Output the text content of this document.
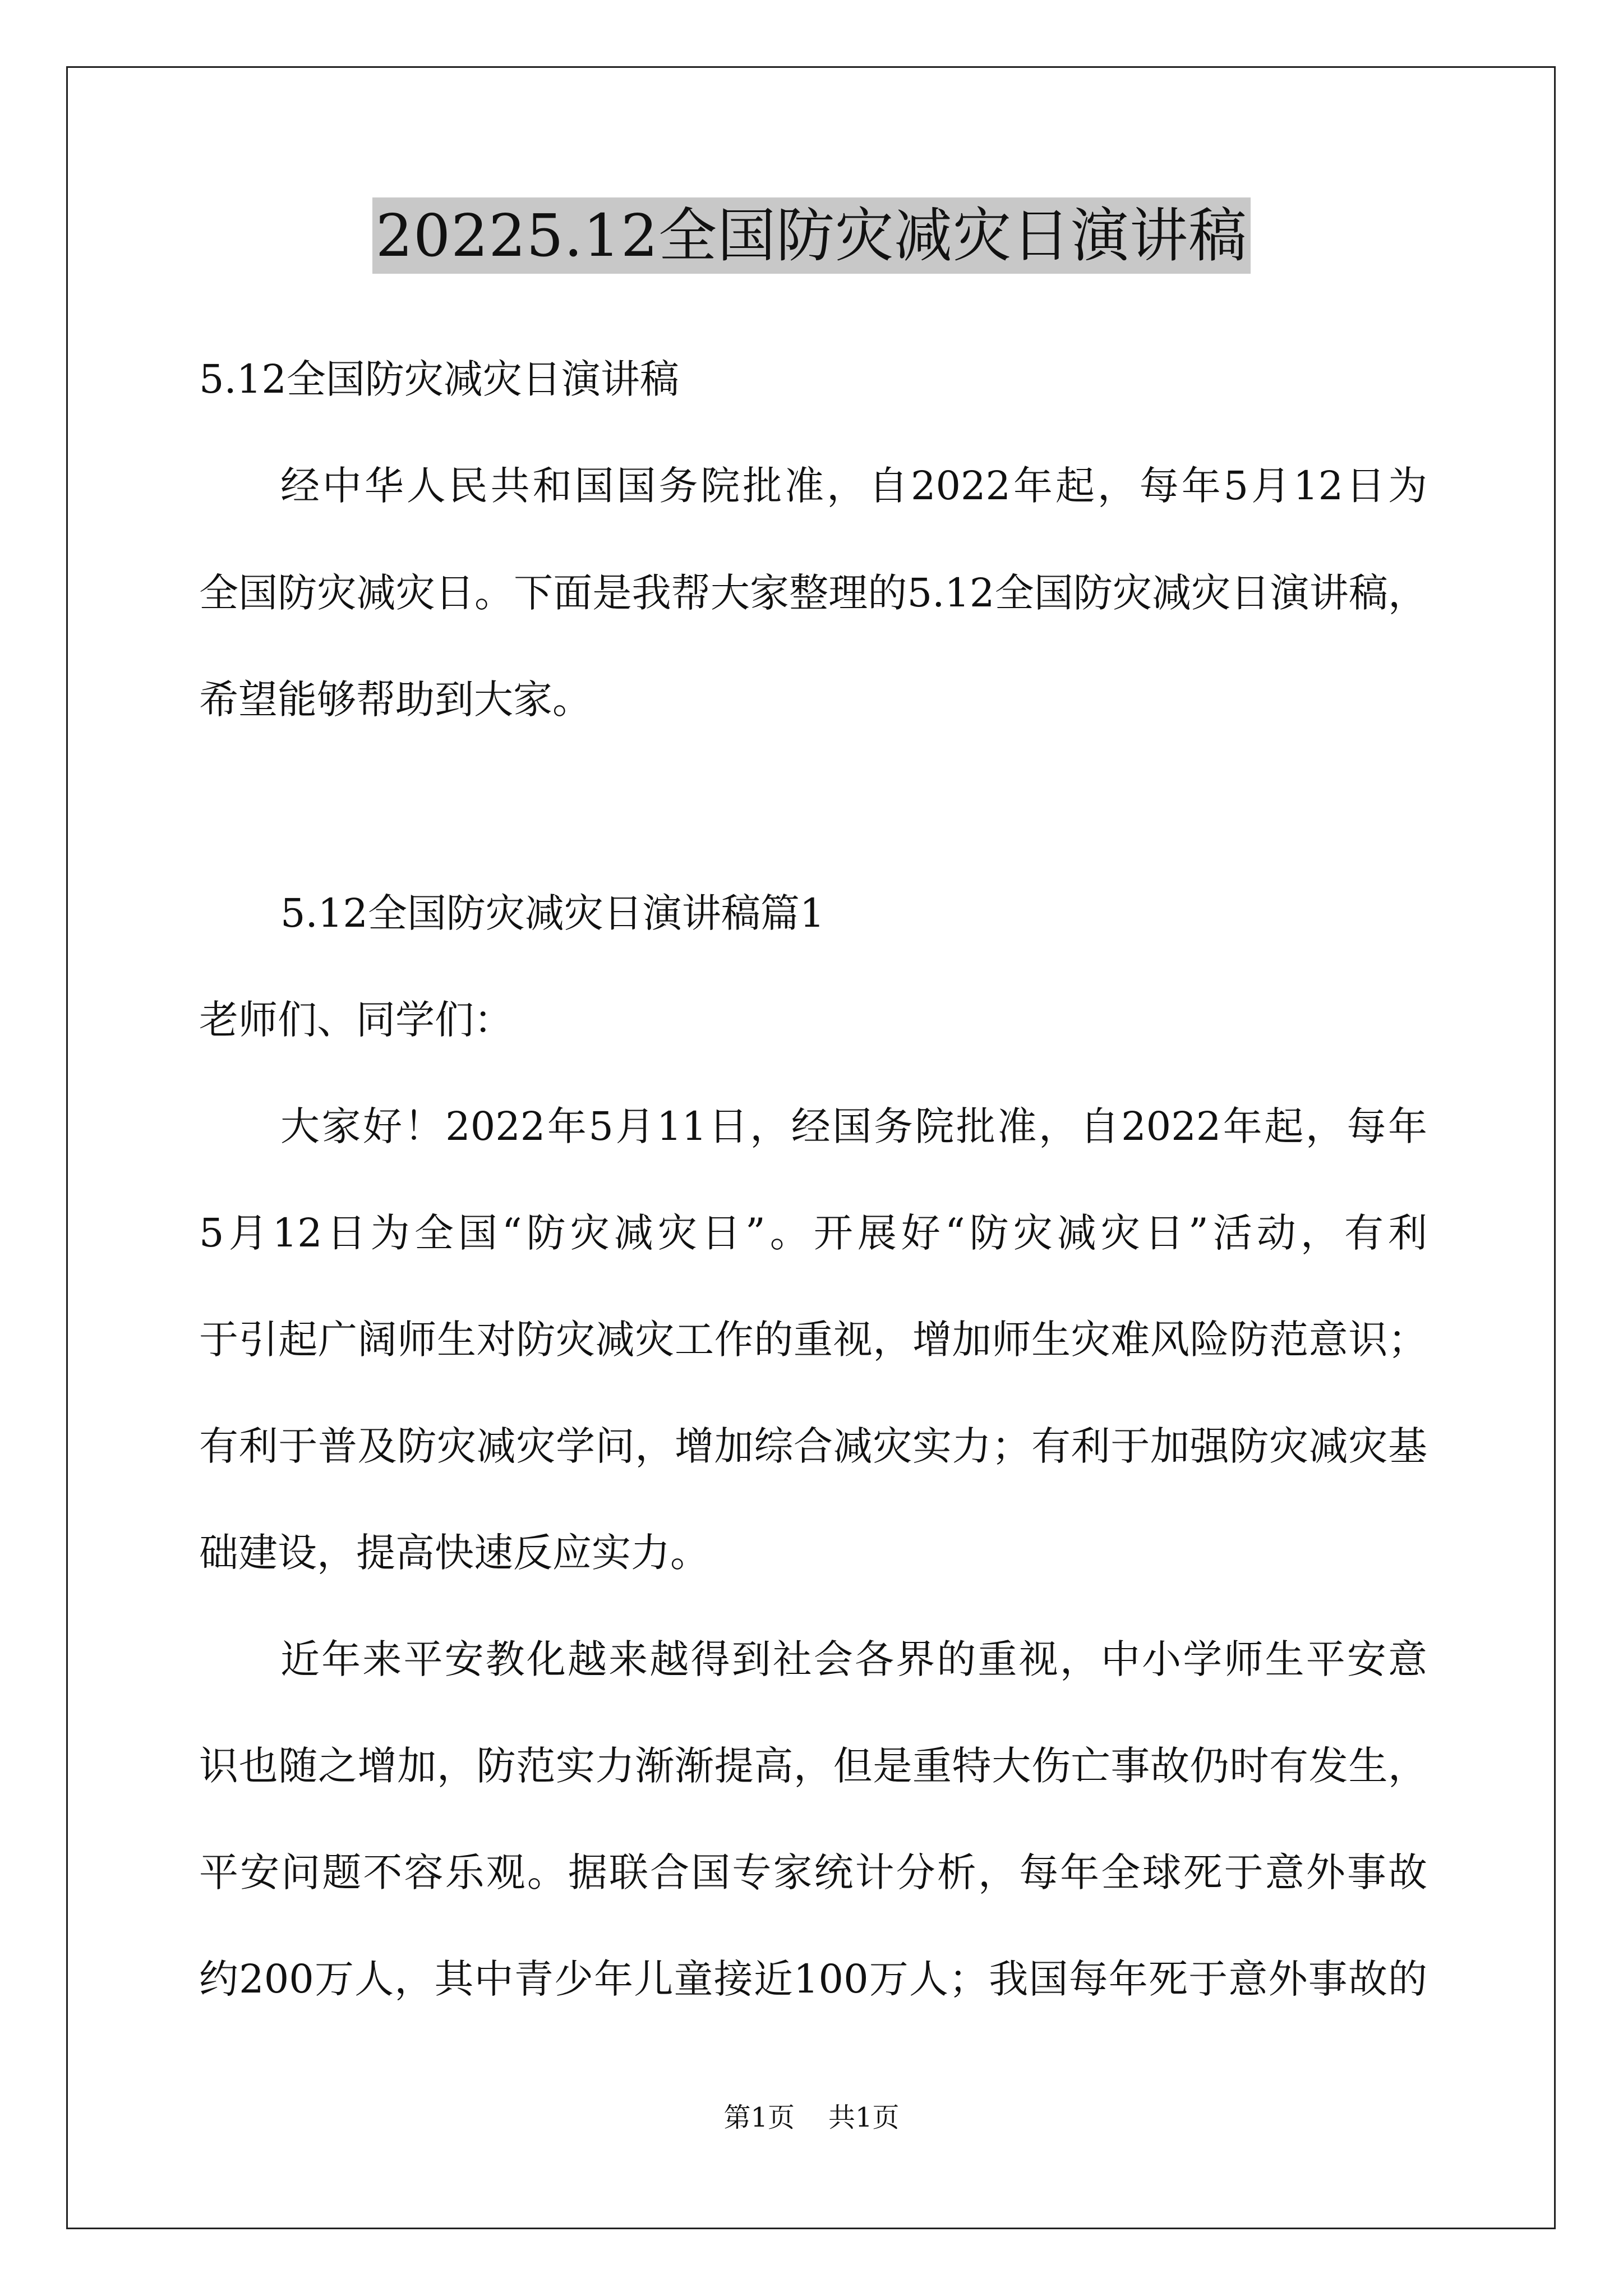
20225.12全国防灾减灾日演讲稿
5.12全国防灾减灾日演讲稿
经中华人民共和国国务院批准，自2022年起，每年5月12日为
全国防灾减灾日。下面是我帮大家整理的5.12全国防灾减灾日演讲稿，
希望能够帮助到大家。
5.12全国防灾减灾日演讲稿篇1
老师们、同学们：
大家好！2022年5月11日，经国务院批准，自2022年起，每年
5月12日为全国“防灾减灾日”。开展好“防灾减灾日”活动，有利
于引起广阔师生对防灾减灾工作的重视，增加师生灾难风险防范意识；
有利于普及防灾减灾学问，增加综合减灾实力；有利于加强防灾减灾基
础建设，提高快速反应实力。
近年来平安教化越来越得到社会各界的重视，中小学师生平安意
识也随之增加，防范实力渐渐提高，但是重特大伤亡事故仍时有发生，
平安问题不容乐观。据联合国专家统计分析，每年全球死于意外事故
约200万人，其中青少年儿童接近100万人；我国每年死于意外事故的
第1页 共1页
